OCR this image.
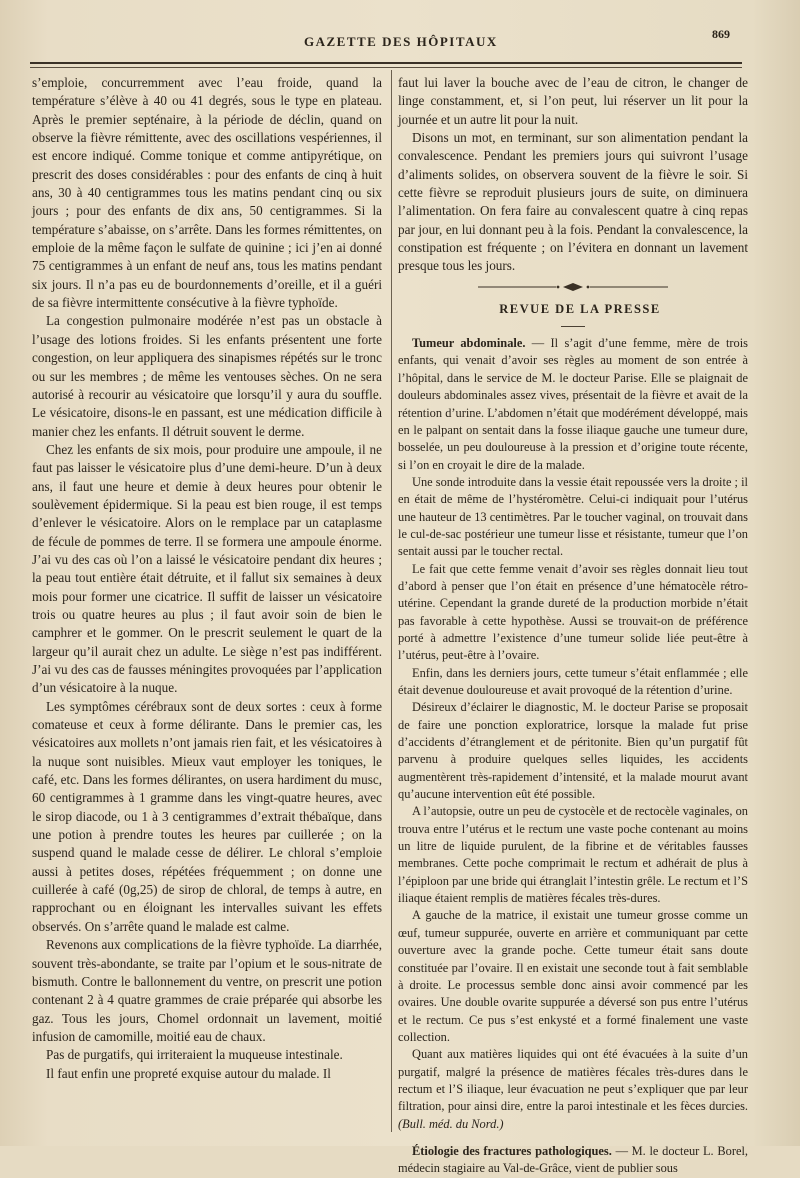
GAZETTE DES HÔPITAUX	869

s’emploie, concurremment avec l’eau froide, quand la température s’élève à 40 ou 41 degrés, sous le type en plateau. Après le premier septénaire, à la période de déclin, quand on observe la fièvre rémittente, avec des oscillations vespériennes, il est encore indiqué. Comme tonique et comme antipyrétique, on prescrit des doses considérables : pour des enfants de cinq à huit ans, 30 à 40 centigrammes tous les matins pendant cinq ou six jours ; pour des enfants de dix ans, 50 centigrammes. Si la température s’abaisse, on s’arrête. Dans les formes rémittentes, on emploie de la même façon le sulfate de quinine ; ici j’en ai donné 75 centigrammes à un enfant de neuf ans, tous les matins pendant six jours. Il n’a pas eu de bourdonnements d’oreille, et il a guéri de sa fièvre intermittente consécutive à la fièvre typhoïde.

La congestion pulmonaire modérée n’est pas un obstacle à l’usage des lotions froides. Si les enfants présentent une forte congestion, on leur appliquera des sinapismes répétés sur le tronc ou sur les membres ; de même les ventouses sèches. On ne sera autorisé à recourir au vésicatoire que lorsqu’il y aura du souffle. Le vésicatoire, disons-le en passant, est une médication difficile à manier chez les enfants. Il détruit souvent le derme.

Chez les enfants de six mois, pour produire une ampoule, il ne faut pas laisser le vésicatoire plus d’une demi-heure. D’un à deux ans, il faut une heure et demie à deux heures pour obtenir le soulèvement épidermique. Si la peau est bien rouge, il est temps d’enlever le vésicatoire. Alors on le remplace par un cataplasme de fécule de pommes de terre. Il se formera une ampoule énorme. J’ai vu des cas où l’on a laissé le vésicatoire pendant dix heures ; la peau tout entière était détruite, et il fallut six semaines à deux mois pour former une cicatrice. Il suffit de laisser un vésicatoire trois ou quatre heures au plus ; il faut avoir soin de bien le camphrer et le gommer. On le prescrit seulement le quart de la largeur qu’il aurait chez un adulte. Le siège n’est pas indifférent. J’ai vu des cas de fausses méningites provoquées par l’application d’un vésicatoire à la nuque.

Les symptômes cérébraux sont de deux sortes : ceux à forme comateuse et ceux à forme délirante. Dans le premier cas, les vésicatoires aux mollets n’ont jamais rien fait, et les vésicatoires à la nuque sont nuisibles. Mieux vaut employer les toniques, le café, etc. Dans les formes délirantes, on usera hardiment du musc, 60 centigrammes à 1 gramme dans les vingt-quatre heures, avec le sirop diacode, ou 1 à 3 centigrammes d’extrait thébaïque, dans une potion à prendre toutes les heures par cuillerée ; on la suspend quand le malade cesse de délirer. Le chloral s’emploie aussi à petites doses, répétées fréquemment ; on donne une cuillerée à café (0g,25) de sirop de chloral, de temps à autre, en rapprochant ou en éloignant les intervalles suivant les effets observés. On s’arrête quand le malade est calme.

Revenons aux complications de la fièvre typhoïde. La diarrhée, souvent très-abondante, se traite par l’opium et le sous-nitrate de bismuth. Contre le ballonnement du ventre, on prescrit une potion contenant 2 à 4 quatre grammes de craie préparée qui absorbe les gaz. Tous les jours, Chomel ordonnait un lavement, moitié infusion de camomille, moitié eau de chaux.

Pas de purgatifs, qui irriteraient la muqueuse intestinale.

Il faut enfin une propreté exquise autour du malade. Il

faut lui laver la bouche avec de l’eau de citron, le changer de linge constamment, et, si l’on peut, lui réserver un lit pour la journée et un autre lit pour la nuit.

Disons un mot, en terminant, sur son alimentation pendant la convalescence. Pendant les premiers jours qui suivront l’usage d’aliments solides, on observera souvent de la fièvre le soir. Si cette fièvre se reproduit plusieurs jours de suite, on diminuera l’alimentation. On fera faire au convalescent quatre à cinq repas par jour, en lui donnant peu à la fois. Pendant la convalescence, la constipation est fréquente ; on l’évitera en donnant un lavement presque tous les jours.

REVUE DE LA PRESSE

Tumeur abdominale. — Il s’agit d’une femme, mère de trois enfants, qui venait d’avoir ses règles au moment de son entrée à l’hôpital, dans le service de M. le docteur Parise. Elle se plaignait de douleurs abdominales assez vives, présentait de la fièvre et avait de la rétention d’urine. L’abdomen n’était que modérément développé, mais en le palpant on sentait dans la fosse iliaque gauche une tumeur dure, bosselée, un peu douloureuse à la pression et d’origine toute récente, si l’on en croyait le dire de la malade.

Une sonde introduite dans la vessie était repoussée vers la droite ; il en était de même de l’hystéromètre. Celui-ci indiquait pour l’utérus une hauteur de 13 centimètres. Par le toucher vaginal, on trouvait dans le cul-de-sac postérieur une tumeur lisse et résistante, tumeur que l’on sentait aussi par le toucher rectal.

Le fait que cette femme venait d’avoir ses règles donnait lieu tout d’abord à penser que l’on était en présence d’une hématocèle rétro-utérine. Cependant la grande dureté de la production morbide n’était pas favorable à cette hypothèse. Aussi se trouvait-on de préférence porté à admettre l’existence d’une tumeur solide liée peut-être à l’utérus, peut-être à l’ovaire.

Enfin, dans les derniers jours, cette tumeur s’était enflammée ; elle était devenue douloureuse et avait provoqué de la rétention d’urine.

Désireux d’éclairer le diagnostic, M. le docteur Parise se proposait de faire une ponction exploratrice, lorsque la malade fut prise d’accidents d’étranglement et de péritonite. Bien qu’un purgatif fût parvenu à produire quelques selles liquides, les accidents augmentèrent très-rapidement d’intensité, et la malade mourut avant qu’aucune intervention eût été possible.

A l’autopsie, outre un peu de cystocèle et de rectocèle vaginales, on trouva entre l’utérus et le rectum une vaste poche contenant au moins un litre de liquide purulent, de la fibrine et de véritables fausses membranes. Cette poche comprimait le rectum et adhérait de plus à l’épiploon par une bride qui étranglait l’intestin grêle. Le rectum et l’S iliaque étaient remplis de matières fécales très-dures.

A gauche de la matrice, il existait une tumeur grosse comme un œuf, tumeur suppurée, ouverte en arrière et communiquant par cette ouverture avec la grande poche. Cette tumeur était sans doute constituée par l’ovaire. Il en existait une seconde tout à fait semblable à droite. Le processus semble donc ainsi avoir commencé par les ovaires. Une double ovarite suppurée a déversé son pus entre l’utérus et le rectum. Ce pus s’est enkysté et a formé finalement une vaste collection.

Quant aux matières liquides qui ont été évacuées à la suite d’un purgatif, malgré la présence de matières fécales très-dures dans le rectum et l’S iliaque, leur évacuation ne peut s’expliquer que par leur filtration, pour ainsi dire, entre la paroi intestinale et les fèces durcies. (Bull. méd. du Nord.)

Étiologie des fractures pathologiques. — M. le docteur L. Borel, médecin stagiaire au Val-de-Grâce, vient de publier sous
